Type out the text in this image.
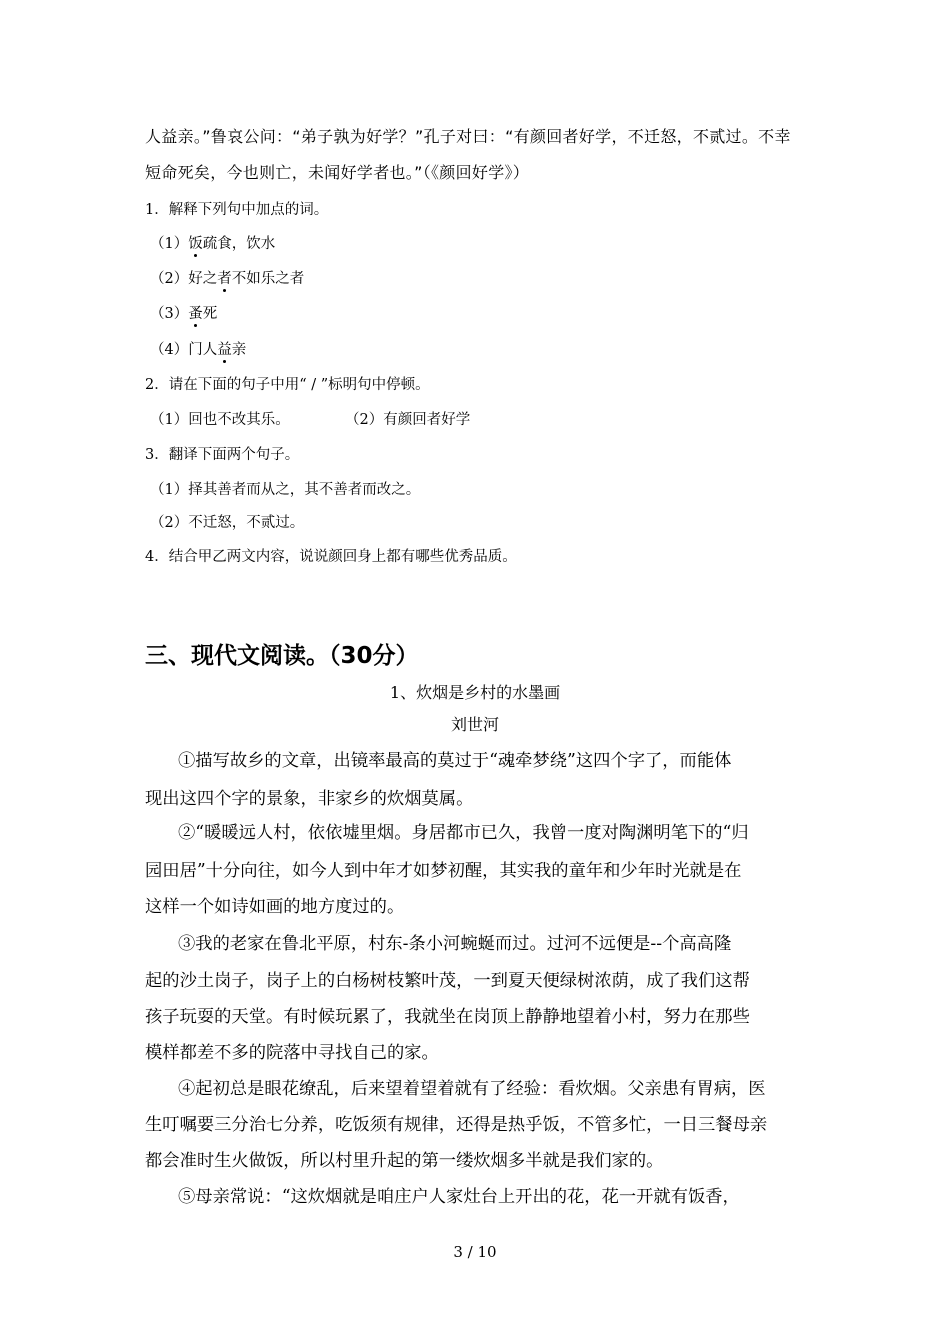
人益亲。”鲁哀公问：“弟子孰为好学？”孔子对曰：“有颜回者好学，不迁怒，不贰过。不幸
短命死矣，今也则亡，未闻好学者也。”（《颜回好学》）
1．解释下列句中加点的词。
（1）饭疏食，饮水
（2）好之者不如乐之者
（3）蚤死
（4）门人益亲
2．请在下面的句子中用“ / ”标明句中停顿。
（1）回也不改其乐。	（2）有颜回者好学
3．翻译下面两个句子。
（1）择其善者而从之，其不善者而改之。
（2）不迁怒，不贰过。
4．结合甲乙两文内容，说说颜回身上都有哪些优秀品质。
三、现代文阅读。（30分）
1、炊烟是乡村的水墨画
刘世河
①描写故乡的文章，出镜率最高的莫过于“魂牵梦绕”这四个字了，而能体
现出这四个字的景象，非家乡的炊烟莫属。
②“暖暖远人村，依依墟里烟。身居都市已久，我曾一度对陶渊明笔下的“归
园田居”十分向往，如今人到中年才如梦初醒，其实我的童年和少年时光就是在
这样一个如诗如画的地方度过的。
③我的老家在鲁北平原，村东-条小河蜿蜒而过。过河不远便是--个高高隆
起的沙土岗子，岗子上的白杨树枝繁叶茂，一到夏天便绿树浓荫，成了我们这帮
孩子玩耍的天堂。有时候玩累了，我就坐在岗顶上静静地望着小村，努力在那些
模样都差不多的院落中寻找自己的家。
④起初总是眼花缭乱，后来望着望着就有了经验：看炊烟。父亲患有胃病，医
生叮嘱要三分治七分养，吃饭须有规律，还得是热乎饭，不管多忙，一日三餐母亲
都会准时生火做饭，所以村里升起的第一缕炊烟多半就是我们家的。
⑤母亲常说：“这炊烟就是咱庄户人家灶台上开出的花，花一开就有饭香，
3 / 10
